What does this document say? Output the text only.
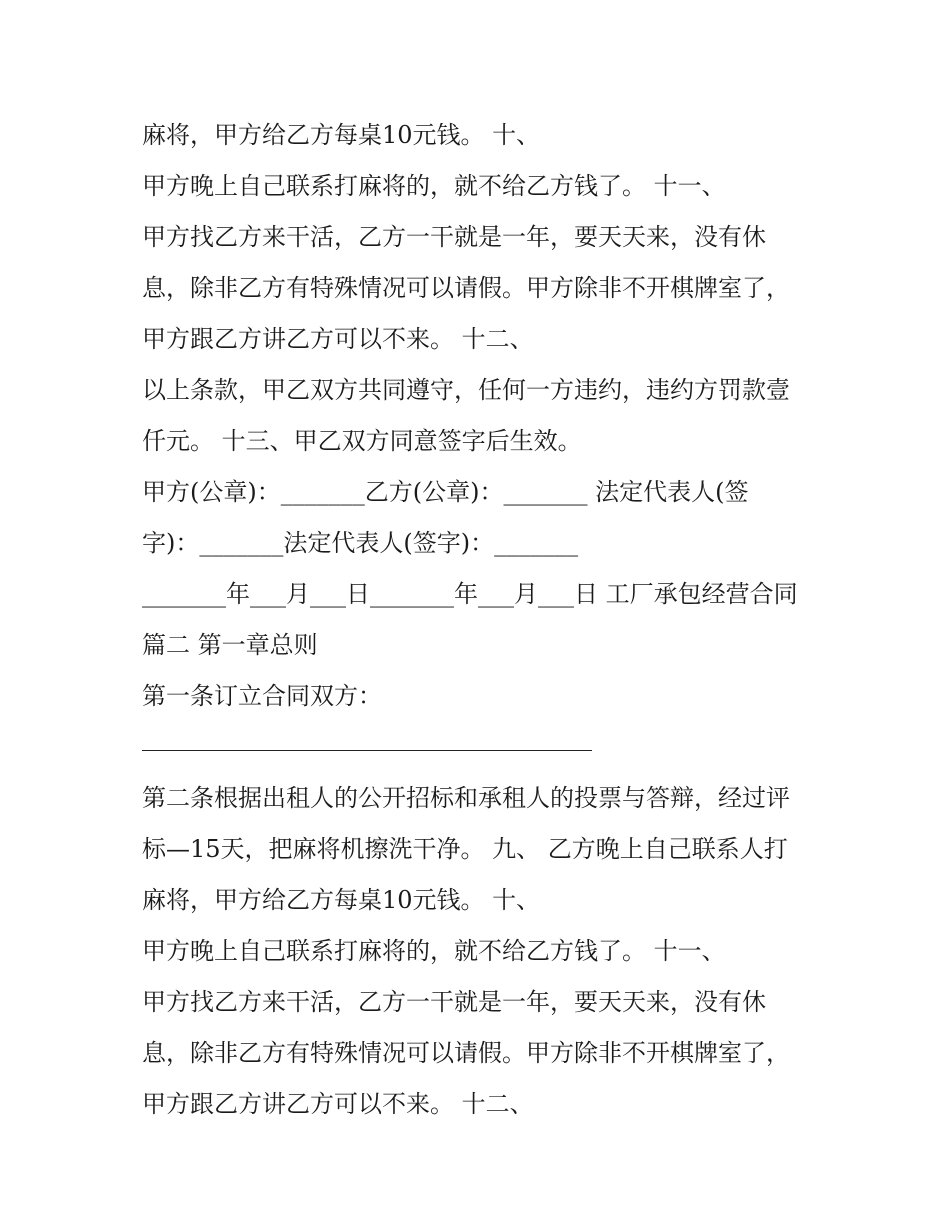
麻将，甲方给乙方每桌10元钱。 十、
甲方晚上自己联系打麻将的，就不给乙方钱了。 十一、
甲方找乙方来干活，乙方一干就是一年，要天天来，没有休
息，除非乙方有特殊情况可以请假。甲方除非不开棋牌室了，
甲方跟乙方讲乙方可以不来。 十二、
以上条款，甲乙双方共同遵守，任何一方违约，违约方罚款壹
仟元。 十三、甲乙双方同意签字后生效。
甲方(公章)：_______乙方(公章)：_______ 法定代表人(签
字)：_______法定代表人(签字)：_______
_______年___月___日_______年___月___日 工厂承包经营合同
篇二 第一章总则
第一条订立合同双方：
第二条根据出租人的公开招标和承租人的投票与答辩，经过评
标—15天，把麻将机擦洗干净。 九、 乙方晚上自己联系人打
麻将，甲方给乙方每桌10元钱。 十、
甲方晚上自己联系打麻将的，就不给乙方钱了。 十一、
甲方找乙方来干活，乙方一干就是一年，要天天来，没有休
息，除非乙方有特殊情况可以请假。甲方除非不开棋牌室了，
甲方跟乙方讲乙方可以不来。 十二、
